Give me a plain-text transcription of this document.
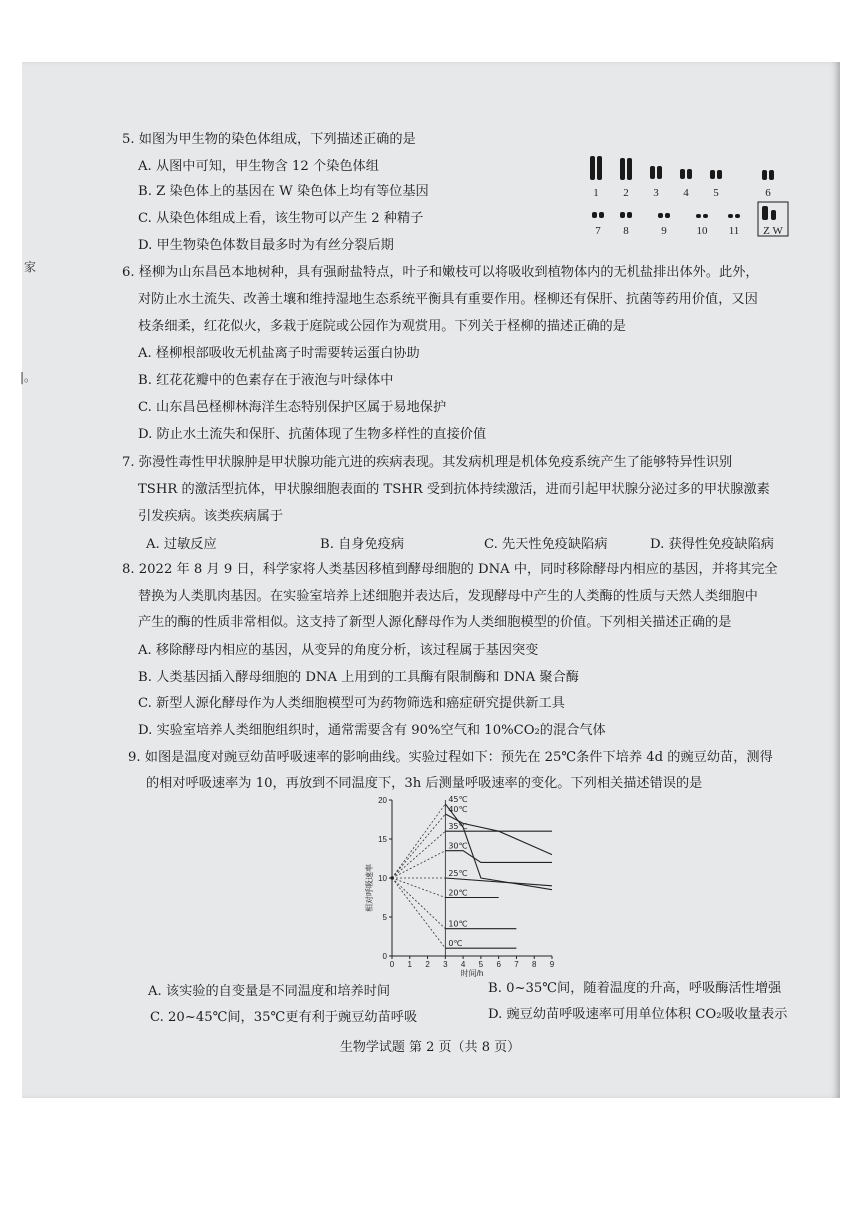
家
|。
5. 如图为甲生物的染色体组成，下列描述正确的是
A. 从图中可知，甲生物含 12 个染色体组
B. Z 染色体上的基因在 W 染色体上均有等位基因
C. 从染色体组成上看，该生物可以产生 2 种精子
D. 甲生物染色体数目最多时为有丝分裂后期
1 2 3 4 5	6
7 8	9	10 11 Z W
6. 柽柳为山东昌邑本地树种，具有强耐盐特点，叶子和嫩枝可以将吸收到植物体内的无机盐排出体外。此外，
对防止水土流失、改善土壤和维持湿地生态系统平衡具有重要作用。柽柳还有保肝、抗菌等药用价值，又因
枝条细柔，红花似火，多栽于庭院或公园作为观赏用。下列关于柽柳的描述正确的是
A. 柽柳根部吸收无机盐离子时需要转运蛋白协助
B. 红花花瓣中的色素存在于液泡与叶绿体中
C. 山东昌邑柽柳林海洋生态特别保护区属于易地保护
D. 防止水土流失和保肝、抗菌体现了生物多样性的直接价值
7. 弥漫性毒性甲状腺肿是甲状腺功能亢进的疾病表现。其发病机理是机体免疫系统产生了能够特异性识别
TSHR 的激活型抗体，甲状腺细胞表面的 TSHR 受到抗体持续激活，进而引起甲状腺分泌过多的甲状腺激素
引发疾病。该类疾病属于
A. 过敏反应	B. 自身免疫病	C. 先天性免疫缺陷病	D. 获得性免疫缺陷病
8. 2022 年 8 月 9 日，科学家将人类基因移植到酵母细胞的 DNA 中，同时移除酵母内相应的基因，并将其完全
替换为人类肌肉基因。在实验室培养上述细胞并表达后，发现酵母中产生的人类酶的性质与天然人类细胞中
产生的酶的性质非常相似。这支持了新型人源化酵母作为人类细胞模型的价值。下列相关描述正确的是
A. 移除酵母内相应的基因，从变异的角度分析，该过程属于基因突变
B. 人类基因插入酵母细胞的 DNA 上用到的工具酶有限制酶和 DNA 聚合酶
C. 新型人源化酵母作为人类细胞模型可为药物筛选和癌症研究提供新工具
D. 实验室培养人类细胞组织时，通常需要含有 90%空气和 10%CO₂的混合气体
9. 如图是温度对豌豆幼苗呼吸速率的影响曲线。实验过程如下：预先在 25℃条件下培养 4d 的豌豆幼苗，测得
的相对呼吸速率为 10，再放到不同温度下，3h 后测量呼吸速率的变化。下列相关描述错误的是
0 1 2 3 4 5 6 7 8 9
0
5
10
15
20	45℃
40℃
35℃
30℃
25℃
20℃
10℃
0℃
时间/h
相对呼吸速率
A. 该实验的自变量是不同温度和培养时间	B. 0~35℃间，随着温度的升高，呼吸酶活性增强
C. 20~45℃间，35℃更有利于豌豆幼苗呼吸	D. 豌豆幼苗呼吸速率可用单位体积 CO₂吸收量表示
生物学试题 第 2 页（共 8 页）
